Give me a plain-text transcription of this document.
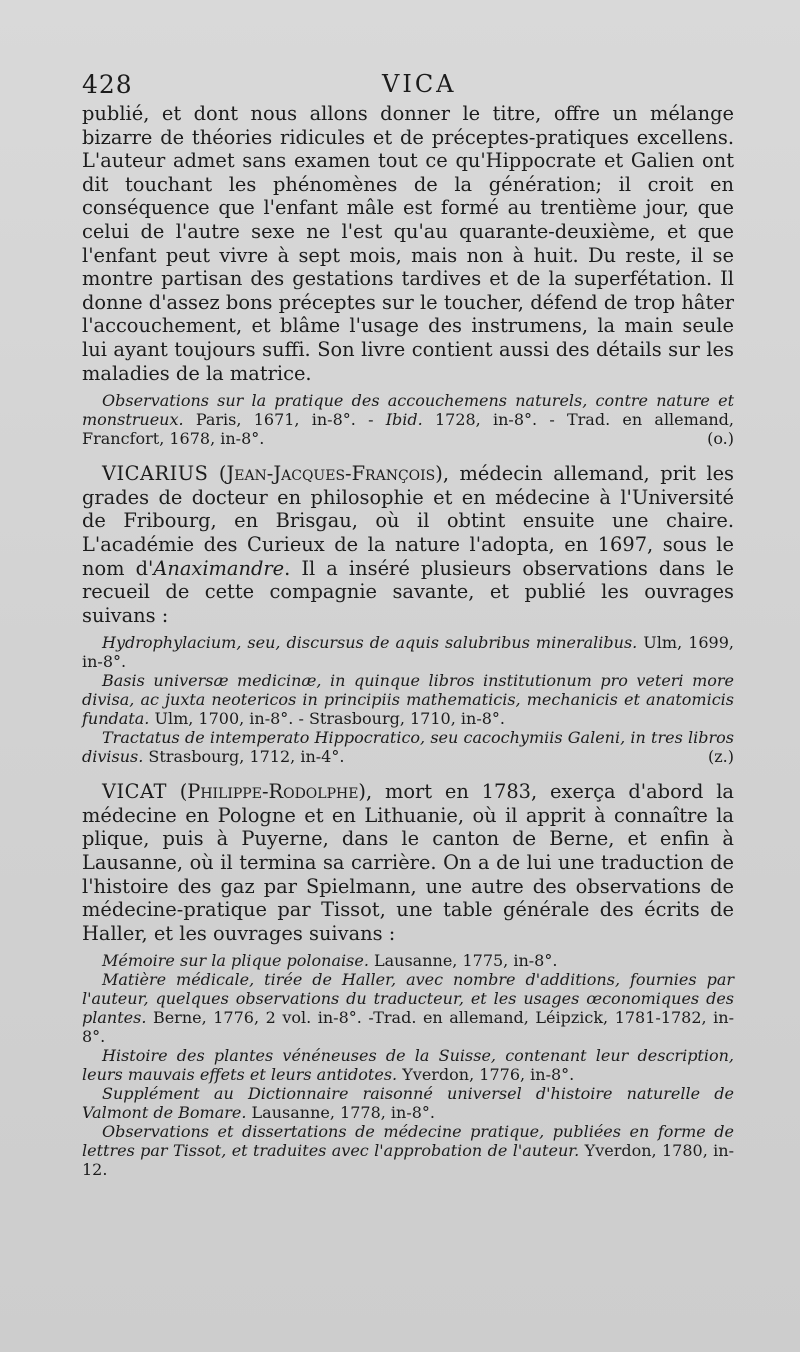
428	VICA

publié, et dont nous allons donner le titre, offre un mélange bizarre de théories ridicules et de préceptes-pratiques excellens. L'auteur admet sans examen tout ce qu'Hippocrate et Galien ont dit touchant les phénomènes de la génération; il croit en conséquence que l'enfant mâle est formé au trentième jour, que celui de l'autre sexe ne l'est qu'au quarante-deuxième, et que l'enfant peut vivre à sept mois, mais non à huit. Du reste, il se montre partisan des gestations tardives et de la superfétation. Il donne d'assez bons préceptes sur le toucher, défend de trop hâter l'accouchement, et blâme l'usage des instrumens, la main seule lui ayant toujours suffi. Son livre contient aussi des détails sur les maladies de la matrice.

Observations sur la pratique des accouchemens naturels, contre nature et monstrueux. Paris, 1671, in-8°. - Ibid. 1728, in-8°. - Trad. en allemand, Francfort, 1678, in-8°.	(o.)

VICARIUS (Jean-Jacques-François), médecin allemand, prit les grades de docteur en philosophie et en médecine à l'Université de Fribourg, en Brisgau, où il obtint ensuite une chaire. L'académie des Curieux de la nature l'adopta, en 1697, sous le nom d'Anaximandre. Il a inséré plusieurs observations dans le recueil de cette compagnie savante, et publié les ouvrages suivans :

Hydrophylacium, seu, discursus de aquis salubribus mineralibus. Ulm, 1699, in-8°.

Basis universæ medicinæ, in quinque libros institutionum pro veteri more divisa, ac juxta neotericos in principiis mathematicis, mechanicis et anatomicis fundata. Ulm, 1700, in-8°. - Strasbourg, 1710, in-8°.

Tractatus de intemperato Hippocratico, seu cacochymiis Galeni, in tres libros divisus. Strasbourg, 1712, in-4°.	(z.)

VICAT (Philippe-Rodolphe), mort en 1783, exerça d'abord la médecine en Pologne et en Lithuanie, où il apprit à connaître la plique, puis à Puyerne, dans le canton de Berne, et enfin à Lausanne, où il termina sa carrière. On a de lui une traduction de l'histoire des gaz par Spielmann, une autre des observations de médecine-pratique par Tissot, une table générale des écrits de Haller, et les ouvrages suivans :

Mémoire sur la plique polonaise. Lausanne, 1775, in-8°.

Matière médicale, tirée de Haller, avec nombre d'additions, fournies par l'auteur, quelques observations du traducteur, et les usages œconomiques des plantes. Berne, 1776, 2 vol. in-8°. -Trad. en allemand, Léipzick, 1781-1782, in-8°.

Histoire des plantes vénéneuses de la Suisse, contenant leur description, leurs mauvais effets et leurs antidotes. Yverdon, 1776, in-8°.

Supplément au Dictionnaire raisonné universel d'histoire naturelle de Valmont de Bomare. Lausanne, 1778, in-8°.

Observations et dissertations de médecine pratique, publiées en forme de lettres par Tissot, et traduites avec l'approbation de l'auteur. Yverdon, 1780, in-12.
